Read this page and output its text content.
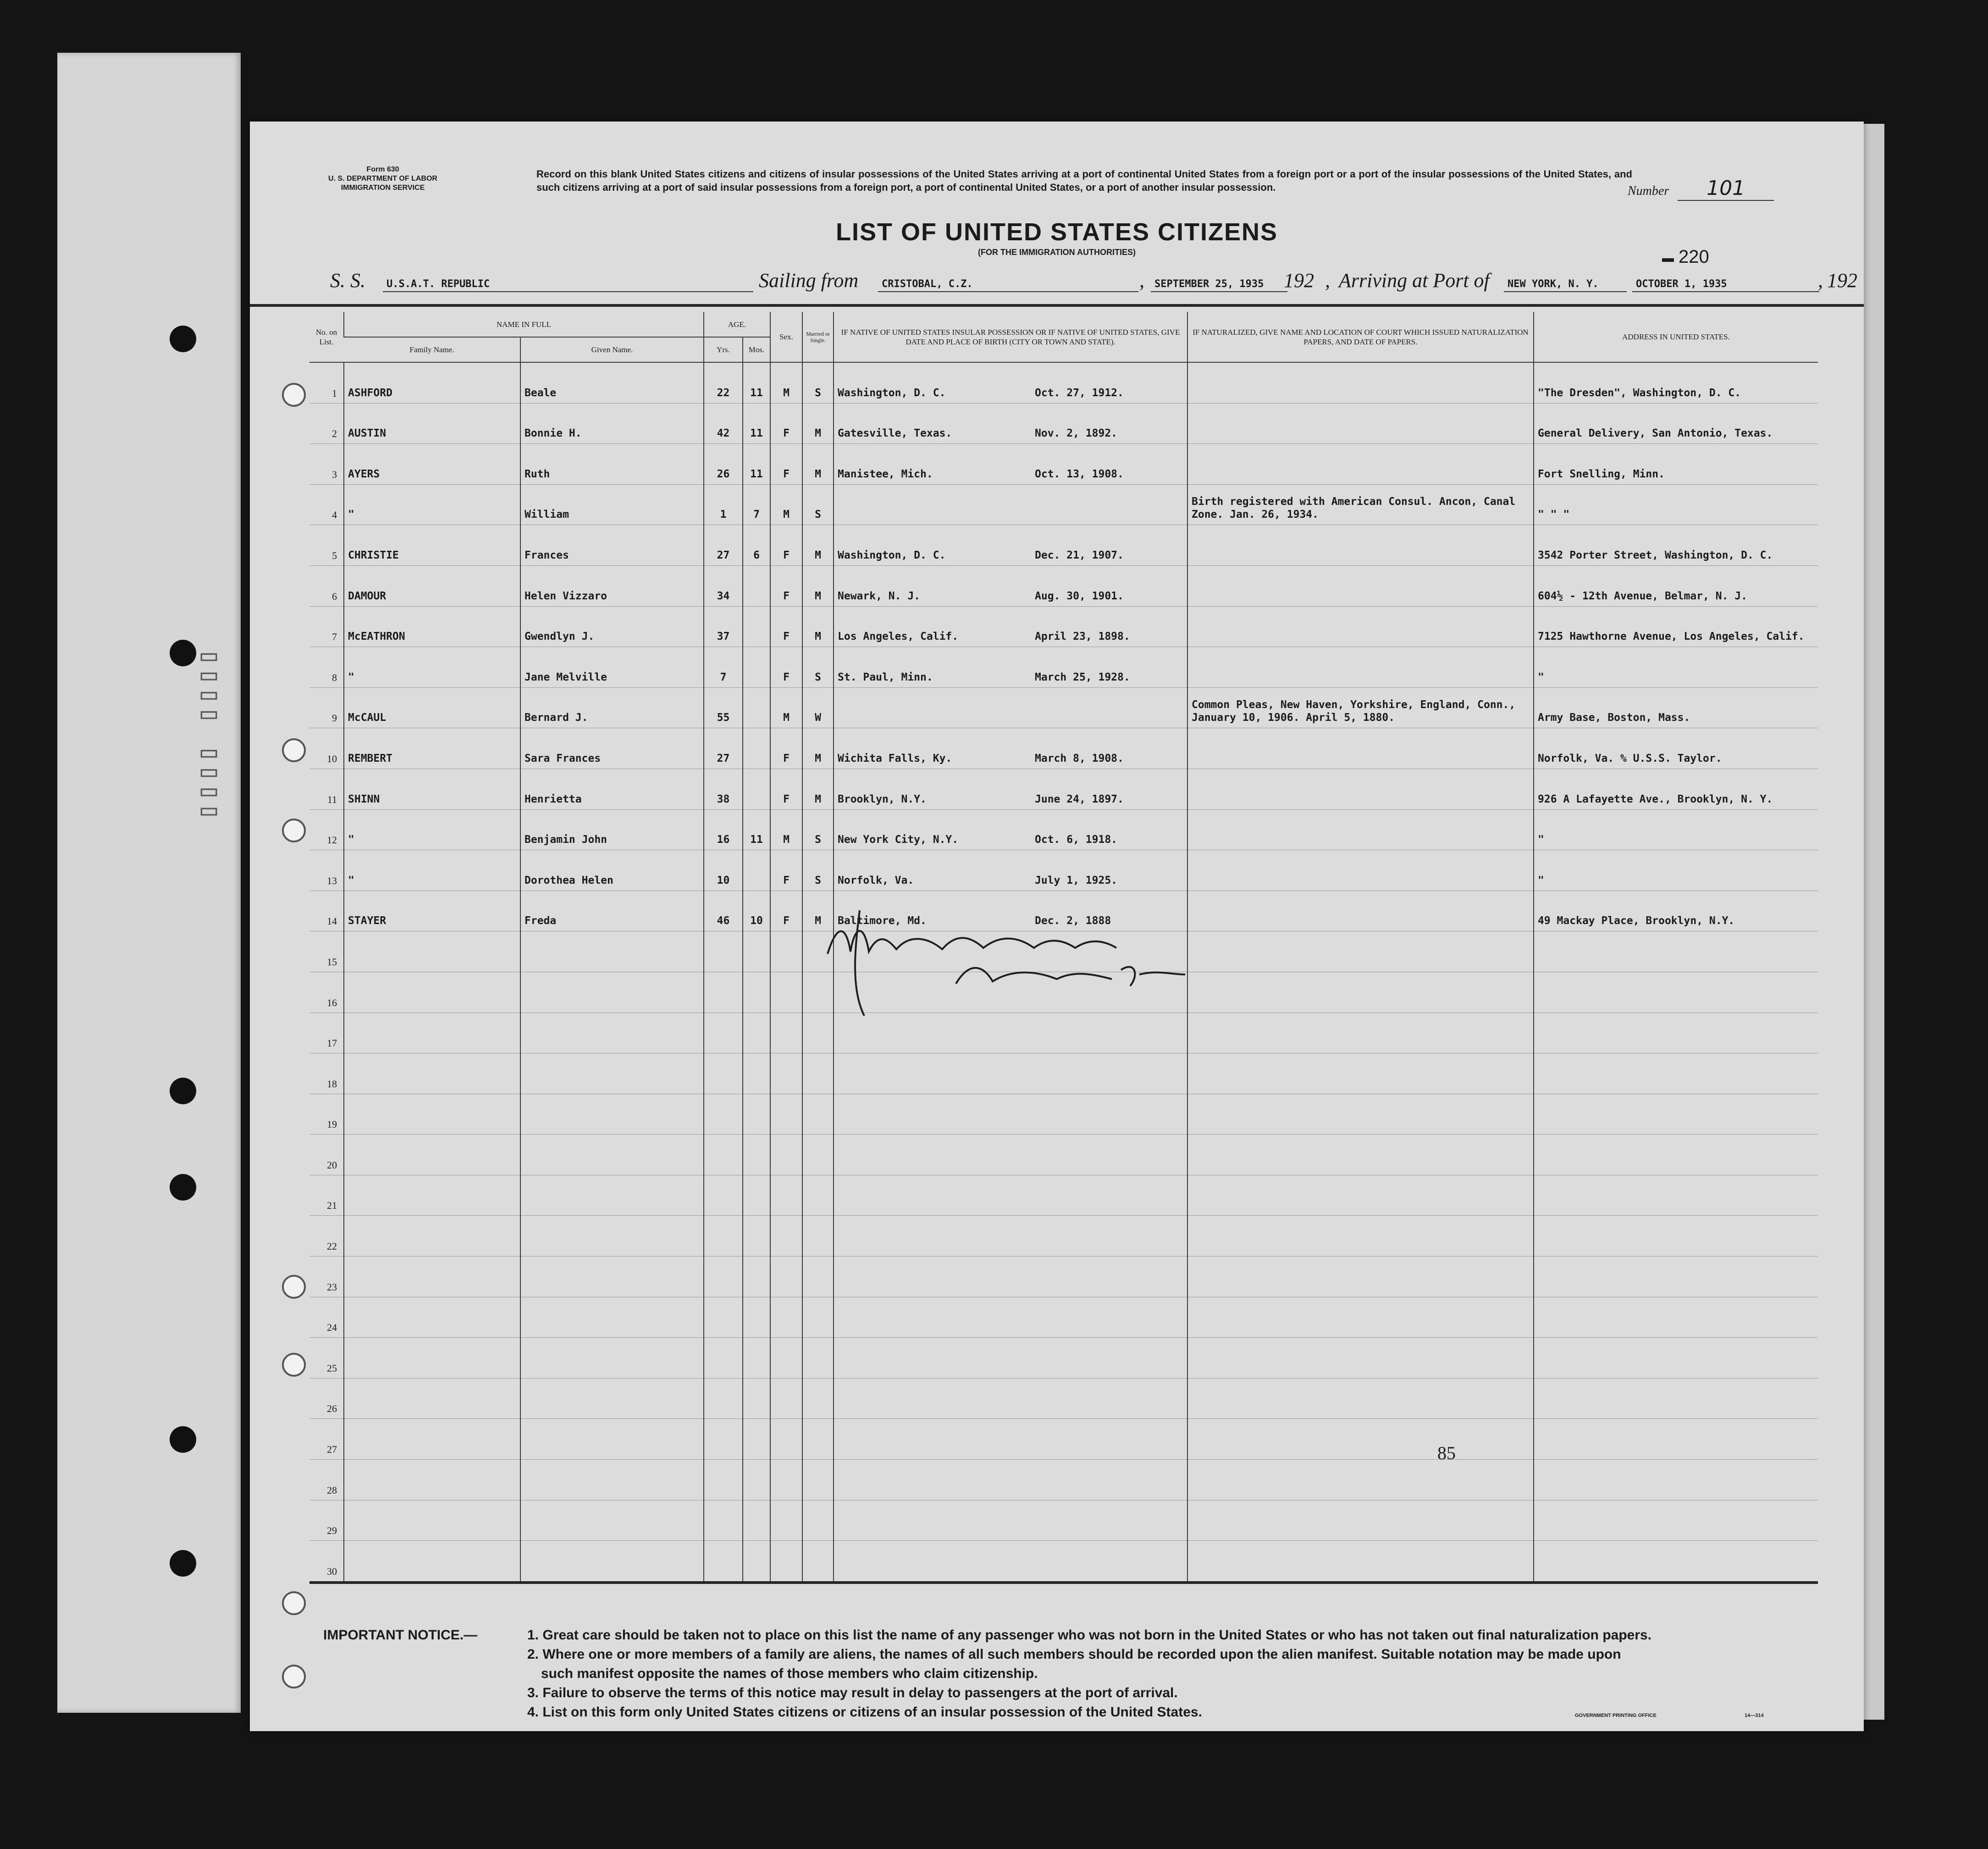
▯▯▯▯ ▯▯▯▯
Form 630
U. S. DEPARTMENT OF LABOR
IMMIGRATION SERVICE
Record on this blank United States citizens and citizens of insular possessions of the United States arriving at a port of continental United States from a foreign port or a port of the insular possessions of the United States, and such citizens arriving at a port of said insular possessions from a foreign port, a port of continental United States, or a port of another insular possession.	Number 101
LIST OF UNITED STATES CITIZENS
(FOR THE IMMIGRATION AUTHORITIES)	▬ 220
S. S.	U.S.A.T. REPUBLIC	Sailing from	CRISTOBAL, C.Z.	,	SEPTEMBER 25, 1935 192 , Arriving at Port of	NEW YORK, N. Y.	OCTOBER 1, 1935	, 192
No. on List.	NAME IN FULL		AGE.		Sex.	Married or Single.	IF NATIVE OF UNITED STATES INSULAR POSSESSION OR IF NATIVE OF UNITED STATES, GIVE DATE AND PLACE OF BIRTH (CITY OR TOWN AND STATE).	IF NATURALIZED, GIVE NAME AND LOCATION OF COURT WHICH ISSUED NATURALIZATION PAPERS, AND DATE OF PAPERS.	ADDRESS IN UNITED STATES.
	Family Name.	Given Name.	Yrs.	Mos.					
1	ASHFORD	Beale	22	11	M	S	Washington, D. C. Oct. 27, 1912.		"The Dresden", Washington, D. C.
2	AUSTIN	Bonnie H.	42	11	F	M	Gatesville, Texas. Nov. 2, 1892.		General Delivery, San Antonio, Texas.
3	AYERS	Ruth	26	11	F	M	Manistee, Mich. Oct. 13, 1908.		Fort Snelling, Minn.
4	"	William	1	7	M	S		Birth registered with American Consul. Ancon, Canal Zone. Jan. 26, 1934.	" " "
5	CHRISTIE	Frances	27	6	F	M	Washington, D. C. Dec. 21, 1907.		3542 Porter Street, Washington, D. C.
6	DAMOUR	Helen Vizzaro	34		F	M	Newark, N. J. Aug. 30, 1901.		604½ - 12th Avenue, Belmar, N. J.
7	McEATHRON	Gwendlyn J.	37		F	M	Los Angeles, Calif. April 23, 1898.		7125 Hawthorne Avenue, Los Angeles, Calif.
8	"	Jane Melville	7		F	S	St. Paul, Minn. March 25, 1928.		"
9	McCAUL	Bernard J.	55		M	W		Common Pleas, New Haven, Yorkshire, England, Conn., January 10, 1906. April 5, 1880.	Army Base, Boston, Mass.
10	REMBERT	Sara Frances	27		F	M	Wichita Falls, Ky. March 8, 1908.		Norfolk, Va. % U.S.S. Taylor.
11	SHINN	Henrietta	38		F	M	Brooklyn, N.Y. June 24, 1897.		926 A Lafayette Ave., Brooklyn, N. Y.
12	"	Benjamin John	16	11	M	S	New York City, N.Y. Oct. 6, 1918.		"
13	"	Dorothea Helen	10		F	S	Norfolk, Va. July 1, 1925.		"
14	STAYER	Freda	46	10	F	M	Baltimore, Md. Dec. 2, 1888		49 Mackay Place, Brooklyn, N.Y.
15									
16									
17									
18									
19									
20									
21									
22									
23									
24									
25									
26									
27									
28									
29									
30									
85
IMPORTANT NOTICE.—	1. Great care should be taken not to place on this list the name of any passenger who was not born in the United States or who has not taken out final naturalization papers.
2. Where one or more members of a family are aliens, the names of all such members should be recorded upon the alien manifest. Suitable notation may be made upon
such manifest opposite the names of those members who claim citizenship.
3. Failure to observe the terms of this notice may result in delay to passengers at the port of arrival.
4. List on this form only United States citizens or citizens of an insular possession of the United States.	GOVERNMENT PRINTING OFFICE	14—314
